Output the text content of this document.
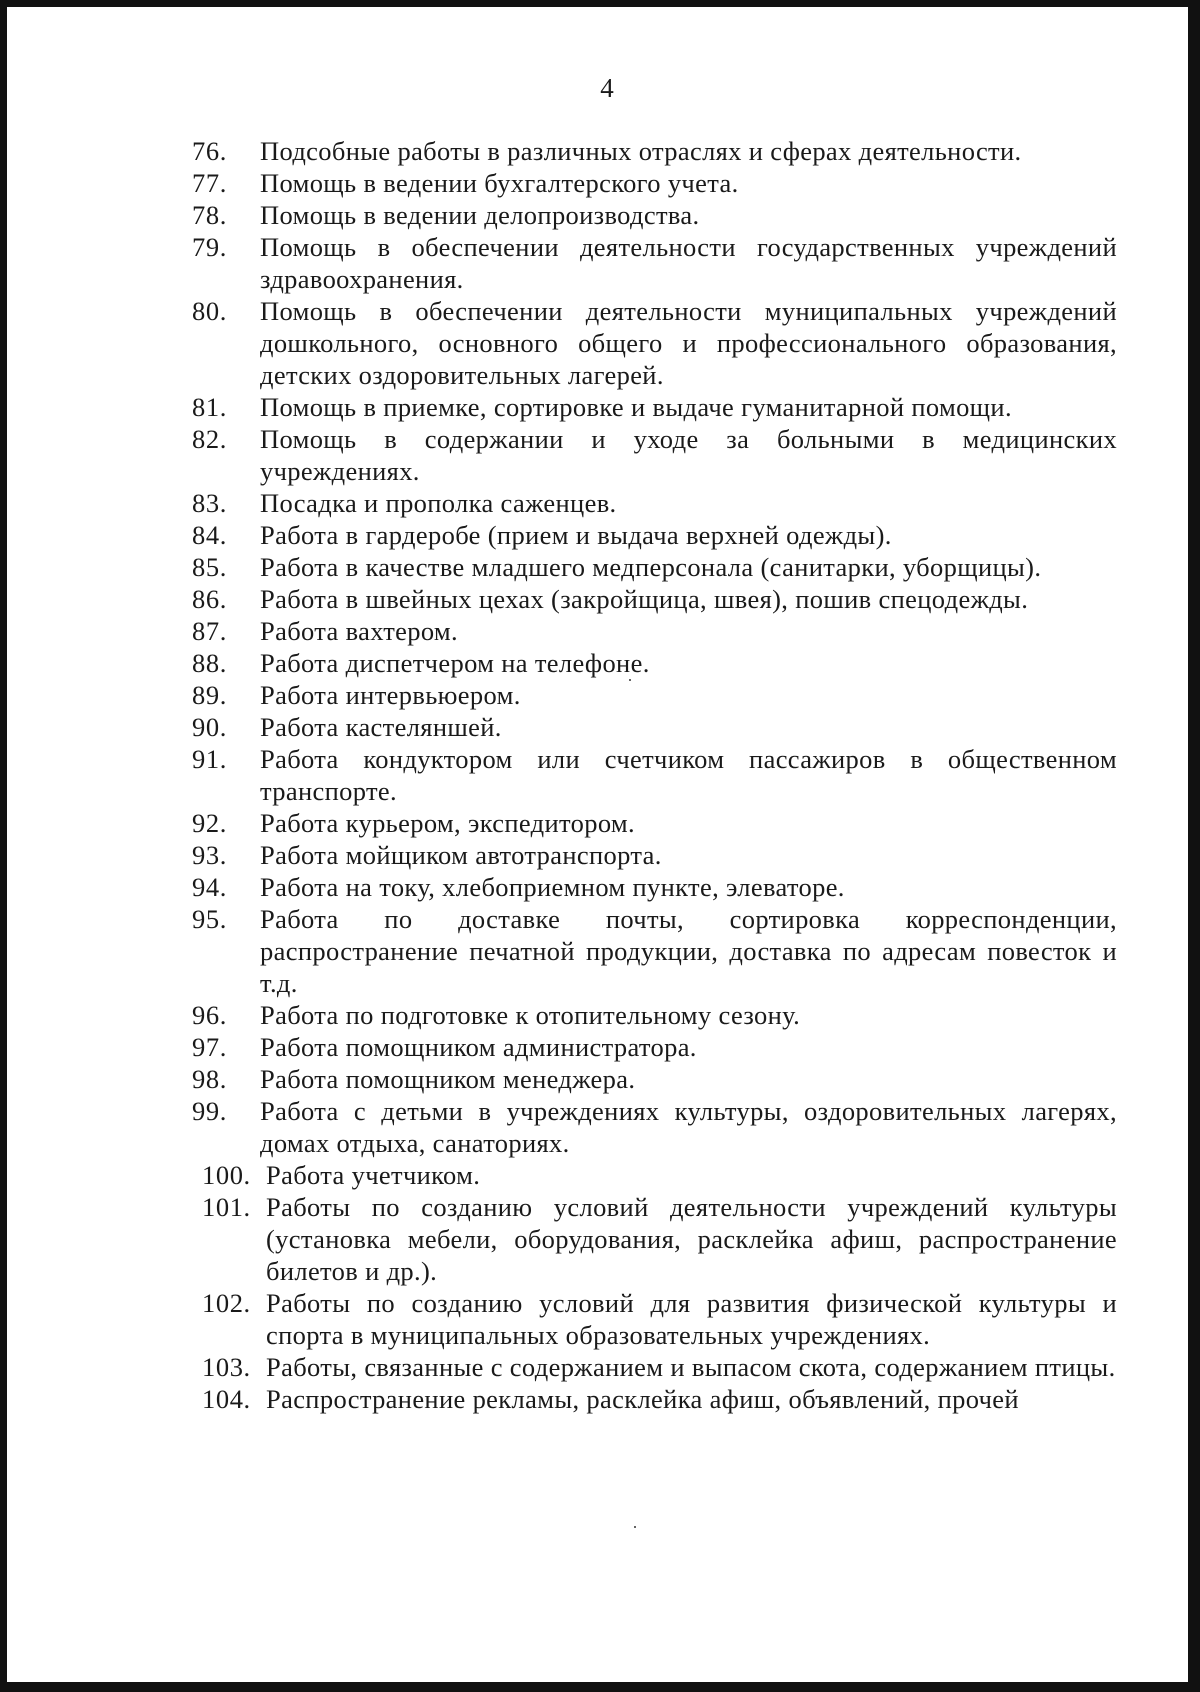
4
76.	Подсобные работы в различных отраслях и сферах деятельности.
77.	Помощь в ведении бухгалтерского учета.
78.	Помощь в ведении делопроизводства.
79.	Помощь в обеспечении деятельности государственных учреждений здравоохранения.
80.	Помощь в обеспечении деятельности муниципальных учреждений дошкольного, основного общего и профессионального образования, детских оздоровительных лагерей.
81.	Помощь в приемке, сортировке и выдаче гуманитарной помощи.
82.	Помощь в содержании и уходе за больными в медицинских учреждениях.
83.	Посадка и прополка саженцев.
84.	Работа в гардеробе (прием и выдача верхней одежды).
85.	Работа в качестве младшего медперсонала (санитарки, уборщицы).
86.	Работа в швейных цехах (закройщица, швея), пошив спецодежды.
87.	Работа вахтером.
88.	Работа диспетчером на телефоне.
89.	Работа интервьюером.
90.	Работа кастеляншей.
91.	Работа кондуктором или счетчиком пассажиров в общественном транспорте.
92.	Работа курьером, экспедитором.
93.	Работа мойщиком автотранспорта.
94.	Работа на току, хлебоприемном пункте, элеваторе.
95.	Работа по доставке почты, сортировка корреспонденции, распространение печатной продукции, доставка по адресам повесток и т.д.
96.	Работа по подготовке к отопительному сезону.
97.	Работа помощником администратора.
98.	Работа помощником менеджера.
99.	Работа с детьми в учреждениях культуры, оздоровительных лагерях, домах отдыха, санаториях.
100. Работа учетчиком.
101. Работы по созданию условий деятельности учреждений культуры (установка мебели, оборудования, расклейка афиш, распространение билетов и др.).
102. Работы по созданию условий для развития физической культуры и спорта в муниципальных образовательных учреждениях.
103. Работы, связанные с содержанием и выпасом скота, содержанием птицы.
104. Распространение рекламы, расклейка афиш, объявлений, прочей
